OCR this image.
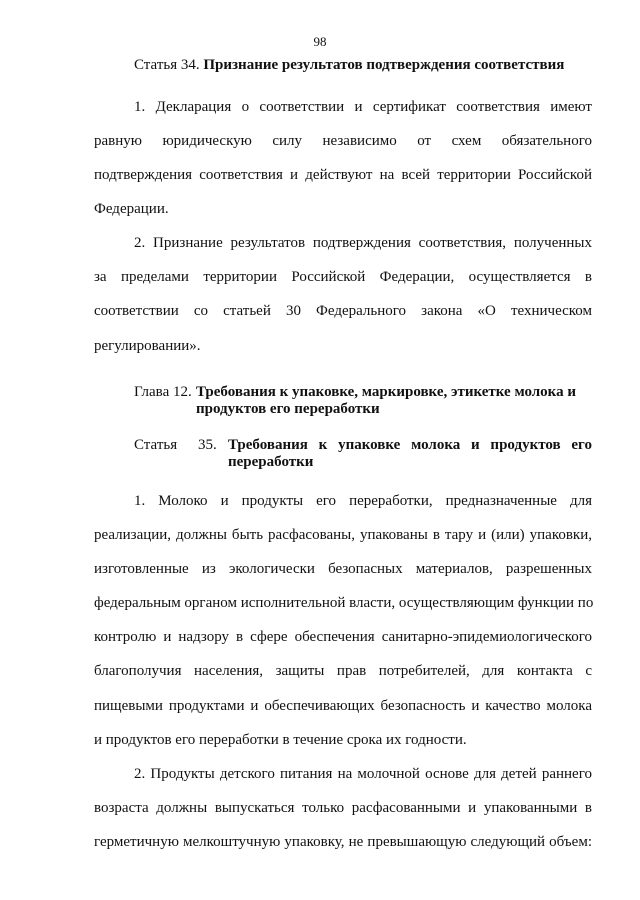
98
Статья 34. Признание результатов подтверждения соответствия
1. Декларация о соответствии и сертификат соответствия имеют
равную юридическую силу независимо от схем обязательного
подтверждения соответствия и действуют на всей территории Российской
Федерации.
2. Признание результатов подтверждения соответствия, полученных
за пределами территории Российской Федерации, осуществляется в
соответствии со статьей 30 Федерального закона «О техническом
регулировании».
Глава 12. Требования к упаковке, маркировке, этикетке молока и
продуктов его переработки
Статья 35. Требования к упаковке молока и продуктов его
переработки
1. Молоко и продукты его переработки, предназначенные для
реализации, должны быть расфасованы, упакованы в тару и (или) упаковки,
изготовленные из экологически безопасных материалов, разрешенных
федеральным органом исполнительной власти, осуществляющим функции по
контролю и надзору в сфере обеспечения санитарно-эпидемиологического
благополучия населения, защиты прав потребителей, для контакта с
пищевыми продуктами и обеспечивающих безопасность и качество молока
и продуктов его переработки в течение срока их годности.
2. Продукты детского питания на молочной основе для детей раннего
возраста должны выпускаться только расфасованными и упакованными в
герметичную мелкоштучную упаковку, не превышающую следующий объем:
